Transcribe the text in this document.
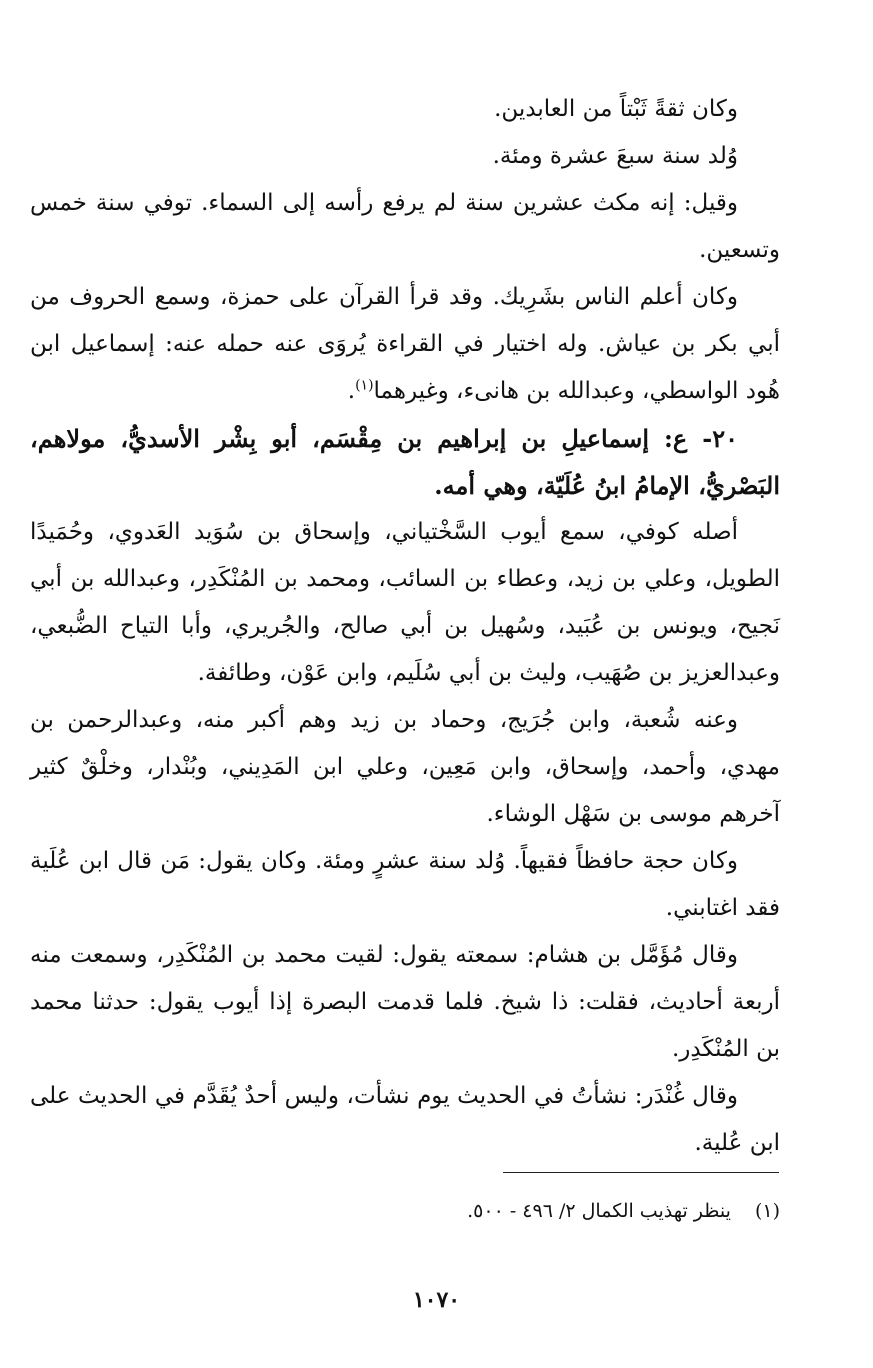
وكان ثقةً ثَبْتاً من العابدين.

وُلد سنة سبعَ عشرة ومئة.

وقيل: إنه مكث عشرين سنة لم يرفع رأسه إلى السماء. توفي سنة خمس وتسعين.

وكان أعلم الناس بشَرِيك. وقد قرأ القرآن على حمزة، وسمع الحروف من أبي بكر بن عياش. وله اختيار في القراءة يُروَى عنه حمله عنه: إسماعيل ابن هُود الواسطي، وعبدالله بن هانىء، وغيرهما$^{(١)}$.

٢٠- ع: إسماعيلِ بن إبراهيم بن مِقْسَم، أبو بِشْر الأسديُّ، مولاهم، البَصْريُّ، الإمامُ ابنُ عُلَيّة، وهي أمه.

أصله كوفي، سمع أيوب السَّخْتياني، وإسحاق بن سُوَيد العَدوي، وحُمَيدًا الطويل، وعلي بن زيد، وعطاء بن السائب، ومحمد بن المُنْكَدِر، وعبدالله بن أبي نَجيح، ويونس بن عُبَيد، وسُهيل بن أبي صالح، والجُريري، وأبا التياح الضُّبعي، وعبدالعزيز بن صُهَيب، وليث بن أبي سُلَيم، وابن عَوْن، وطائفة.

وعنه شُعبة، وابن جُرَيج، وحماد بن زيد وهم أكبر منه، وعبدالرحمن بن مهدي، وأحمد، وإسحاق، وابن مَعِين، وعلي ابن المَدِيني، وبُنْدار، وخلْقٌ كثير آخرهم موسى بن سَهْل الوشاء.

وكان حجة حافظاً فقيهاً. وُلد سنة عشرٍ ومئة. وكان يقول: مَن قال ابن عُلَية فقد اغتابني.

وقال مُؤَمَّل بن هشام: سمعته يقول: لقيت محمد بن المُنْكَدِر، وسمعت منه أربعة أحاديث، فقلت: ذا شيخ. فلما قدمت البصرة إذا أيوب يقول: حدثنا محمد بن المُنْكَدِر.

وقال غُنْدَر: نشأتُ في الحديث يوم نشأت، وليس أحدٌ يُقَدَّم في الحديث على ابن عُلية.

(١) ينظر تهذيب الكمال ٢/ ٤٩٦ - ٥٠٠.

١٠٧٠
